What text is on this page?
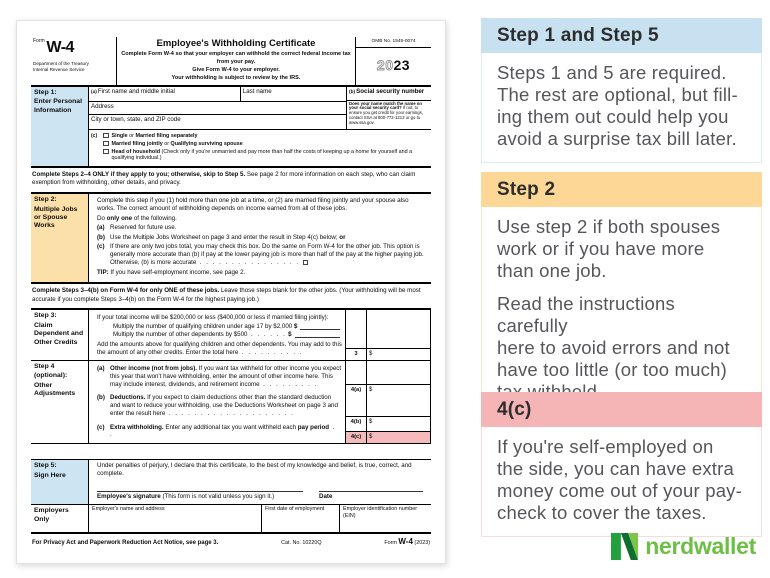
$^{Form}$ W-4
Department of the Treasury
Internal Revenue Service
Employee's Withholding Certificate
Complete Form W-4 so that your employer can withhold the correct federal income tax from your pay.
Give Form W-4 to your employer.
Your withholding is subject to review by the IRS.
OMB No. 1545-0074
20 23
Step 1:
Enter Personal Information
(a)First name and middle initial	Last name
Address
City or town, state, and ZIP code
(b)Social security number
Does your name match the name on your social security card? If not, to ensure you get credit for your earnings, contact SSA at 800-772-1213 or go to www.ssa.gov.
(c)	Single or Married filing separately
Married filing jointly or Qualifying surviving spouse
Head of household (Check only if you're unmarried and pay more than half the costs of keeping up a home for yourself and a qualifying individual.)
Complete Steps 2–4 ONLY if they apply to you; otherwise, skip to Step 5. See page 2 for more information on each step, who can claim exemption from withholding, other details, and privacy.
Step 2:
Multiple Jobs or Spouse Works

Complete this step if you (1) hold more than one job at a time, or (2) are married filing jointly and your spouse also works. The correct amount of withholding depends on income earned from all of these jobs.

Do only one of the following.

(a) Reserved for future use.
(b) Use the Multiple Jobs Worksheet on page 3 and enter the result in Step 4(c) below; or
(c) If there are only two jobs total, you may check this box. Do the same on Form W-4 for the other job. This option is generally more accurate than (b) if pay at the lower paying job is more than half of the pay at the higher paying job. Otherwise, (b) is more accurate . . . . . . . . . . . . . . . .

TIP: If you have self-employment income, see page 2.

Complete Steps 3–4(b) on Form W-4 for only ONE of these jobs. Leave those steps blank for the other jobs. (Your withholding will be most accurate if you complete Steps 3–4(b) on the Form W-4 for the highest paying job.)
Step 3:
Claim Dependent and Other Credits

If your total income will be $200,000 or less ($400,000 or less if married filing jointly):

Multiply the number of qualifying children under age 17 by $2,000
$
Multiply the number of other dependents by $500
. . . . . .
$

Add the amounts above for qualifying children and other dependents. You may add to this the amount of any other credits. Enter the total here . . . . . . . . . .	3	$
Step 4
(optional):
Other Adjustments
(a) Other income (not from jobs). If you want tax withheld for other income you expect this year that won't have withholding, enter the amount of other income here. This may include interest, dividends, and retirement income . . . . . . . . .
(b) Deductions. If you expect to claim deductions other than the standard deduction and want to reduce your withholding, use the Deductions Worksheet on page 3 and enter the result here . . . . . . . . . . . . . . . . . . . .
(c) Extra withholding. Enter any additional tax you want withheld each pay period . .
4(a)	$
4(b)	$
4(c)	$
Step 5:
Sign Here
Under penalties of perjury, I declare that this certificate, to the best of my knowledge and belief, is true, correct, and complete.
Employee's signature (This form is not valid unless you sign it.)	Date
Employers Only
Employer's name and address	First date of employment	Employer identification number (EIN)
For Privacy Act and Paperwork Reduction Act Notice, see page 3.	Cat. No. 10220Q	Form W-4 (2023)
Step 1 and Step 5
Steps 1 and 5 are required.
The rest are optional, but fill-
ing them out could help you
avoid a surprise tax bill later.
Step 2
Use step 2 if both spouses
work or if you have more
than one job.
Read the instructions carefully
here to avoid errors and not
have too little (or too much)
4(c)
If you're self-employed on
the side, you can have extra
money come out of your pay-
check to cover the taxes.
nerdwallet
